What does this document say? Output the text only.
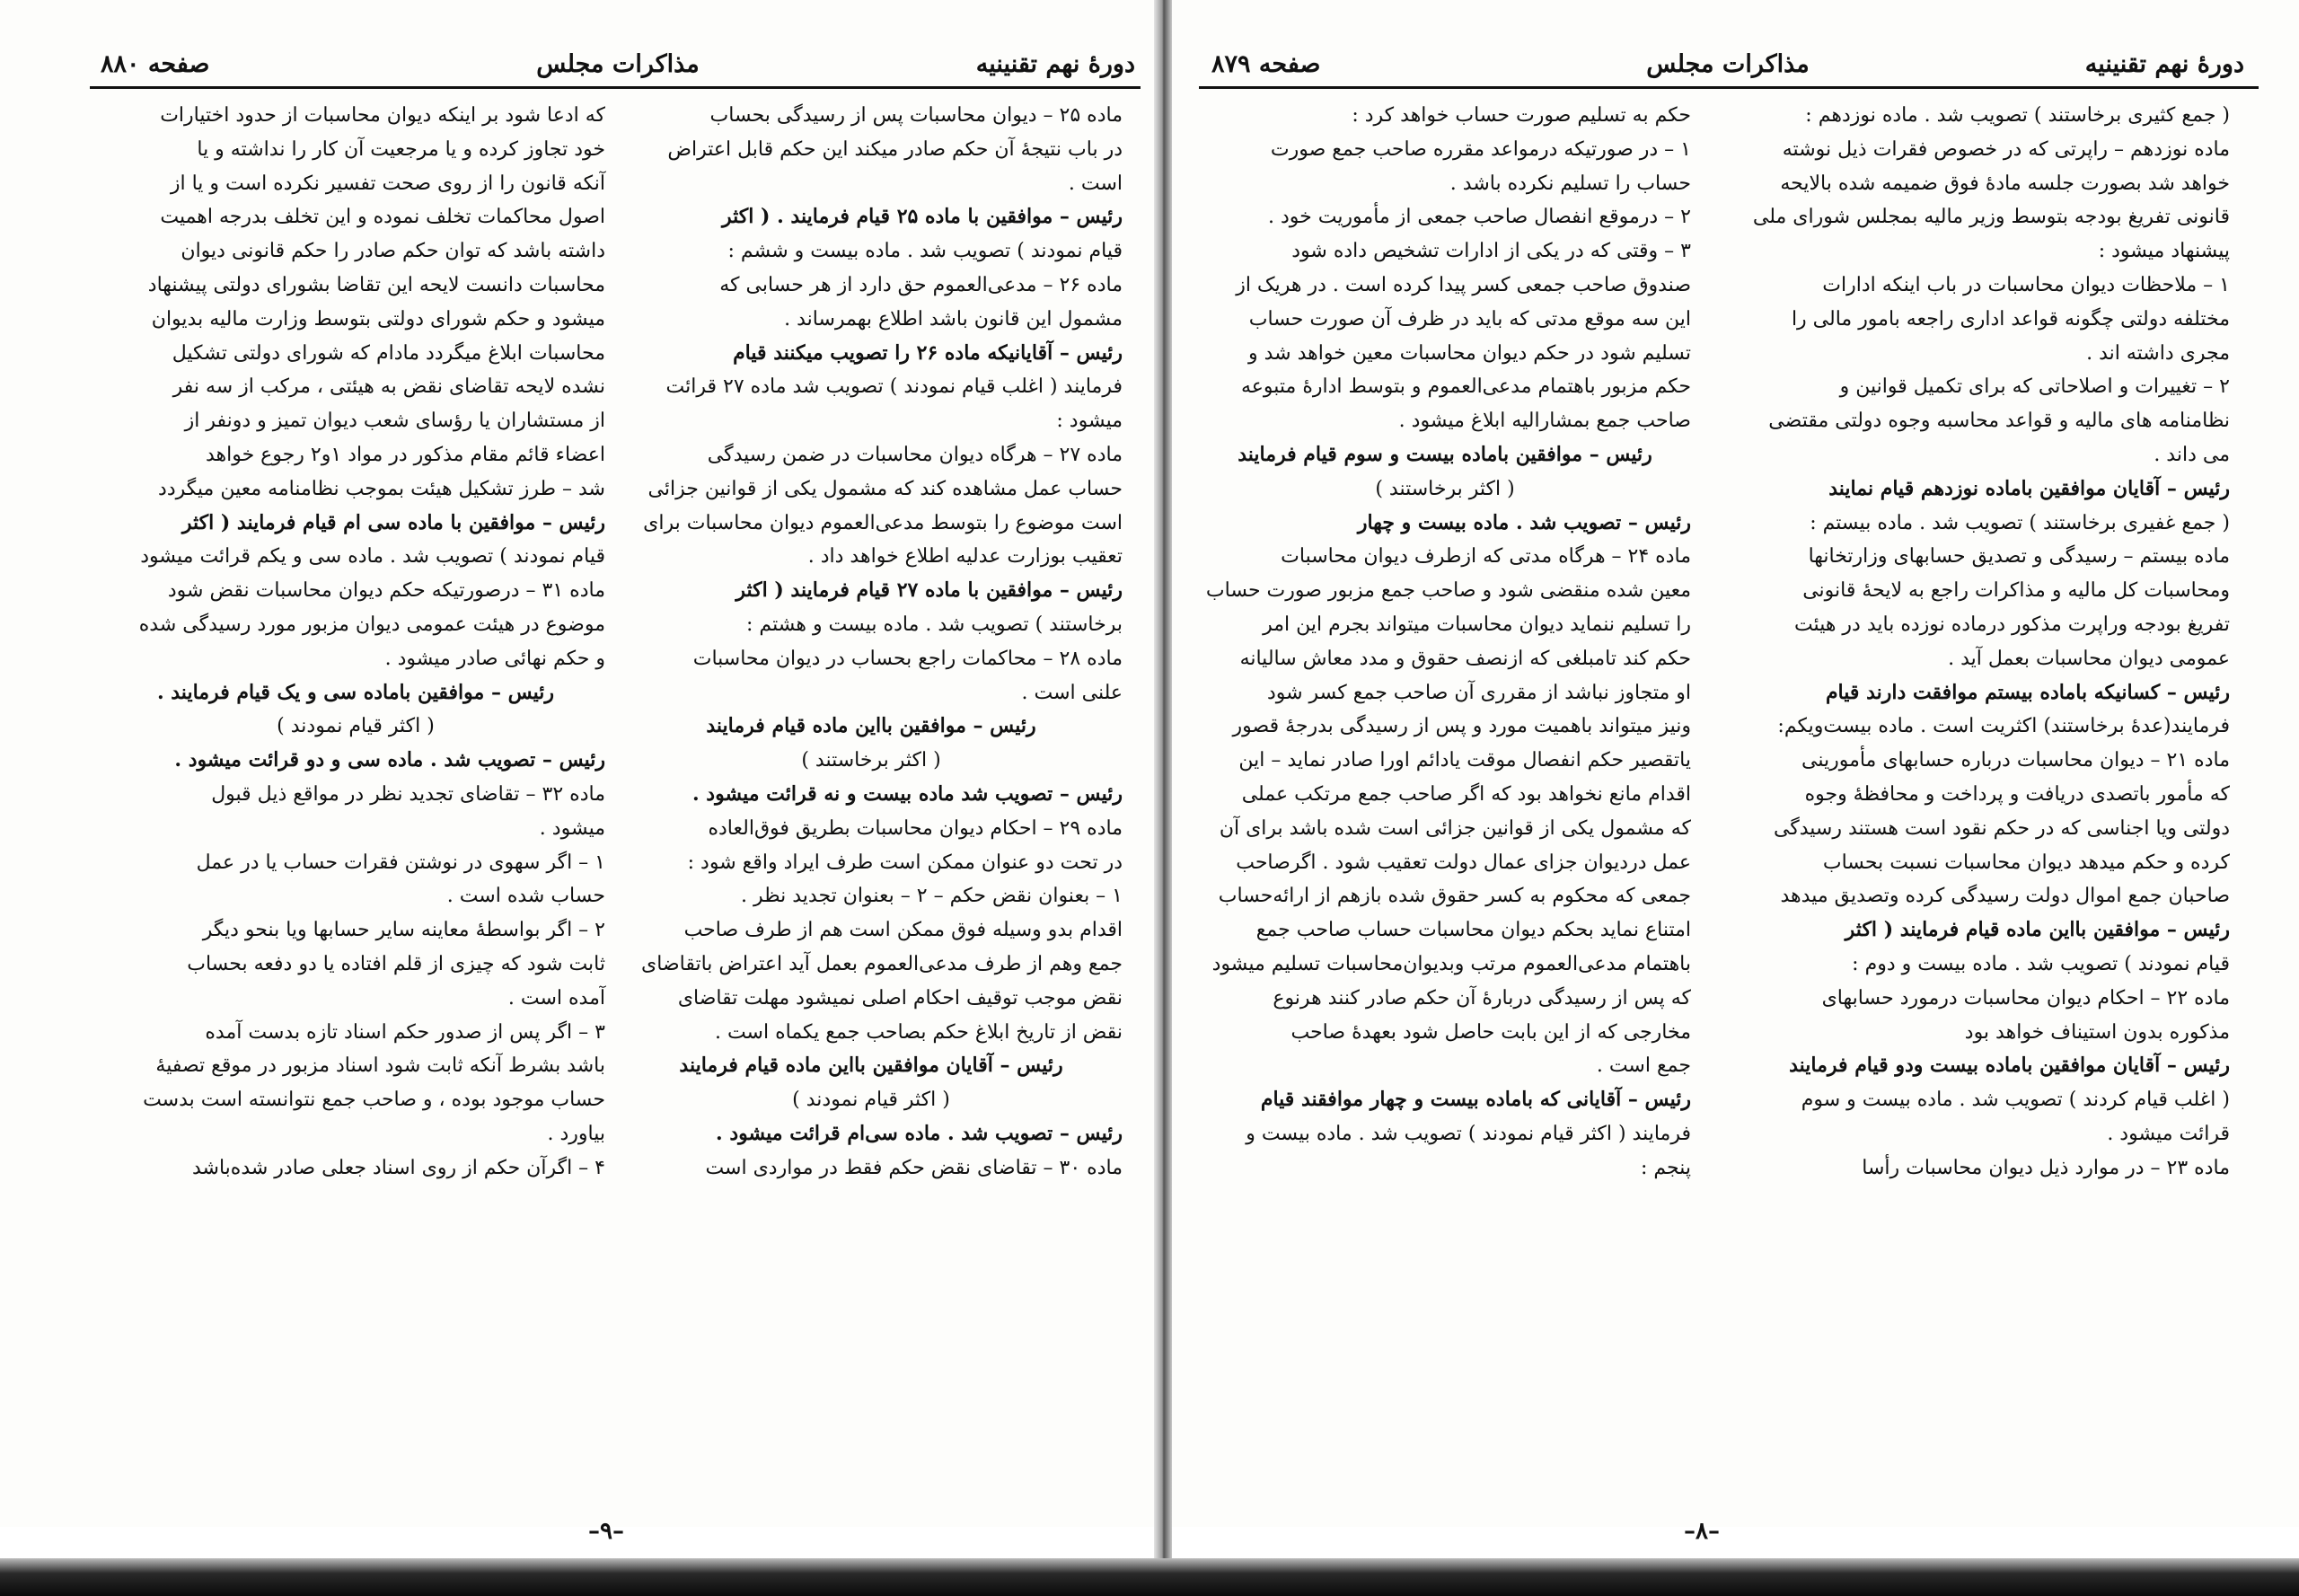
دورهٔ نهم تقنینیه
مذاکرات مجلس
صفحه ۸۸۰

ماده ۲۵ – دیوان محاسبات پس از رسیدگی بحساب

در باب نتیجهٔ آن حکم صادر میکند این حکم قابل اعتراض

است .

رئیس – موافقین با ماده ۲۵ قیام فرمایند . ( اکثر

قیام نمودند ) تصویب شد . ماده بیست و ششم :

ماده ۲۶ – مدعی‌العموم حق دارد از هر حسابی که

مشمول این قانون باشد اطلاع بهمرساند .

رئیس – آقایانیکه ماده ۲۶ را تصویب میکنند قیام

فرمایند ( اغلب قیام نمودند ) تصویب شد ماده ۲۷ قرائت

میشود :

ماده ۲۷ – هرگاه دیوان محاسبات در ضمن رسیدگی

حساب عمل مشاهده کند که مشمول یکی از قوانین جزائی

است موضوع را بتوسط مدعی‌العموم دیوان محاسبات برای

تعقیب بوزارت عدلیه اطلاع خواهد داد .

رئیس – موافقین با ماده ۲۷ قیام فرمایند ( اکثر

برخاستند ) تصویب شد . ماده بیست و هشتم :

ماده ۲۸ – محاکمات راجع بحساب در دیوان محاسبات

علنی است .

رئیس – موافقین بااین ماده قیام فرمایند

( اکثر برخاستند )

رئیس – تصویب شد ماده بیست و نه قرائت میشود .

ماده ۲۹ – احکام دیوان محاسبات بطریق فوق‌العاده

در تحت دو عنوان ممکن است طرف ایراد واقع شود :

۱ – بعنوان نقض حکم – ۲ – بعنوان تجدید نظر .

اقدام بدو وسیله فوق ممکن است هم از طرف صاحب

جمع وهم از طرف مدعی‌العموم بعمل آید اعتراض باتقاضای

نقض موجب توقیف احکام اصلی نمیشود مهلت تقاضای

نقض از تاریخ ابلاغ حکم بصاحب جمع یکماه است .

رئیس – آقایان موافقین بااین ماده قیام فرمایند

( اکثر قیام نمودند )

رئیس – تصویب شد . ماده سی‌ام قرائت میشود .

ماده ۳۰ – تقاضای نقض حکم فقط در مواردی است

که ادعا شود بر اینکه دیوان محاسبات از حدود اختیارات

خود تجاوز کرده و یا مرجعیت آن کار را نداشته و یا

آنکه قانون را از روی صحت تفسیر نکرده است و یا از

اصول محاکمات تخلف نموده و این تخلف بدرجه اهمیت

داشته باشد که توان حکم صادر را حکم قانونی دیوان

محاسبات دانست لایحه این تقاضا بشورای دولتی پیشنهاد

میشود و حکم شورای دولتی بتوسط وزارت مالیه بدیوان

محاسبات ابلاغ میگردد مادام که شورای دولتی تشکیل

نشده لایحه تقاضای نقض به هیئتی ، مرکب از سه نفر

از مستشاران یا رؤسای شعب دیوان تمیز و دونفر از

اعضاء قائم مقام مذکور در مواد ۱و۲ رجوع خواهد

شد – طرز تشکیل هیئت بموجب نظامنامه معین میگردد

رئیس – موافقین با ماده سی ام قیام فرمایند ( اکثر

قیام نمودند ) تصویب شد . ماده سی و یکم قرائت میشود

ماده ۳۱ – درصورتیکه حکم دیوان محاسبات نقض شود

موضوع در هیئت عمومی دیوان مزبور مورد رسیدگی شده

و حکم نهائی صادر میشود .

رئیس – موافقین باماده سی و یک قیام فرمایند .

( اکثر قیام نمودند )

رئیس – تصویب شد . ماده سی و دو قرائت میشود .

ماده ۳۲ – تقاضای تجدید نظر در مواقع ذیل قبول

میشود .

۱ – اگر سهوی در نوشتن فقرات حساب یا در عمل

حساب شده است .

۲ – اگر بواسطهٔ معاینه سایر حسابها ویا بنحو دیگر

ثابت شود که چیزی از قلم افتاده یا دو دفعه بحساب

آمده است .

۳ – اگر پس از صدور حکم اسناد تازه بدست آمده

باشد بشرط آنکه ثابت شود اسناد مزبور در موقع تصفیهٔ

حساب موجود بوده ، و صاحب جمع نتوانسته است بدست

بیاورد .

۴ – اگرآن حکم از روی اسناد جعلی صادر شده‌باشد

–۹–
دورهٔ نهم تقنینیه
مذاکرات مجلس
صفحه ۸۷۹

( جمع کثیری برخاستند ) تصویب شد . ماده نوزدهم :

ماده نوزدهم – راپرتی که در خصوص فقرات ذیل نوشته

خواهد شد بصورت جلسه مادهٔ فوق ضمیمه شده بالایحه

قانونی تفریغ بودجه بتوسط وزیر مالیه بمجلس شورای ملی

پیشنهاد میشود :

۱ – ملاحظات دیوان محاسبات در باب اینکه ادارات

مختلفه دولتی چگونه قواعد اداری راجعه بامور مالی را

مجری داشته اند .

۲ – تغییرات و اصلاحاتی که برای تکمیل قوانین و

نظامنامه های مالیه و قواعد محاسبه وجوه دولتی مقتضی

می داند .

رئیس – آقایان موافقین باماده نوزدهم قیام نمایند

( جمع غفیری برخاستند ) تصویب شد . ماده بیستم :

ماده بیستم – رسیدگی و تصدیق حسابهای وزارتخانها

ومحاسبات کل مالیه و مذاکرات راجع به لایحهٔ قانونی

تفریغ بودجه وراپرت مذکور درماده نوزده باید در هیئت

عمومی دیوان محاسبات بعمل آید .

رئیس – کسانیکه باماده بیستم موافقت دارند قیام

فرمایند(عدهٔ برخاستند) اکثریت است . ماده بیست‌ویکم:

ماده ۲۱ – دیوان محاسبات درباره حسابهای مأمورینی

که مأمور باتصدی دریافت و پرداخت و محافظهٔ وجوه

دولتی ویا اجناسی که در حکم نقود است هستند رسیدگی

کرده و حکم میدهد دیوان محاسبات نسبت بحساب

صاحبان جمع اموال دولت رسیدگی کرده وتصدیق میدهد

رئیس – موافقین بااین ماده قیام فرمایند ( اکثر

قیام نمودند ) تصویب شد . ماده بیست و دوم :

ماده ۲۲ – احکام دیوان محاسبات درمورد حسابهای

مذکوره بدون استیناف خواهد بود

رئیس – آقایان موافقین باماده بیست ودو قیام فرمایند

( اغلب قیام کردند ) تصویب شد . ماده بیست و سوم

قرائت میشود .

ماده ۲۳ – در موارد ذیل دیوان محاسبات رأسا

حکم به تسلیم صورت حساب خواهد کرد :

۱ – در صورتیکه درمواعد مقرره صاحب جمع صورت

حساب را تسلیم نکرده باشد .

۲ – درموقع انفصال صاحب جمعی از مأموریت خود .

۳ – وقتی که در یکی از ادارات تشخیص داده شود

صندوق صاحب جمعی کسر پیدا کرده است . در هریک از

این سه موقع مدتی که باید در ظرف آن صورت حساب

تسلیم شود در حکم دیوان محاسبات معین خواهد شد و

حکم مزبور باهتمام مدعی‌العموم و بتوسط ادارهٔ متبوعه

صاحب جمع بمشارالیه ابلاغ میشود .

رئیس – موافقین باماده بیست و سوم قیام فرمایند

( اکثر برخاستند )

رئیس – تصویب شد . ماده بیست و چهار

ماده ۲۴ – هرگاه مدتی که ازطرف دیوان محاسبات

معین شده منقضی شود و صاحب جمع مزبور صورت حساب

را تسلیم ننماید دیوان محاسبات میتواند بجرم این امر

حکم کند تامبلغی که ازنصف حقوق و مدد معاش سالیانه

او متجاوز نباشد از مقرری آن صاحب جمع کسر شود

ونیز میتواند باهمیت مورد و پس از رسیدگی بدرجهٔ قصور

یاتقصیر حکم انفصال موقت یادائم اورا صادر نماید – این

اقدام مانع نخواهد بود که اگر صاحب جمع مرتکب عملی

که مشمول یکی از قوانین جزائی است شده باشد برای آن

عمل دردیوان جزای عمال دولت تعقیب شود . اگرصاحب

جمعی که محکوم به کسر حقوق شده بازهم از ارائه‌حساب

امتناع نماید بحکم دیوان محاسبات حساب صاحب جمع

باهتمام مدعی‌العموم مرتب وبدیوان‌محاسبات تسلیم میشود

که پس از رسیدگی دربارهٔ آن حکم صادر کنند هرنوع

مخارجی که از این بابت حاصل شود بعهدهٔ صاحب

جمع است .

رئیس – آقایانی که باماده بیست و چهار موافقند قیام

فرمایند ( اکثر قیام نمودند ) تصویب شد . ماده بیست و

پنجم :

–۸–
